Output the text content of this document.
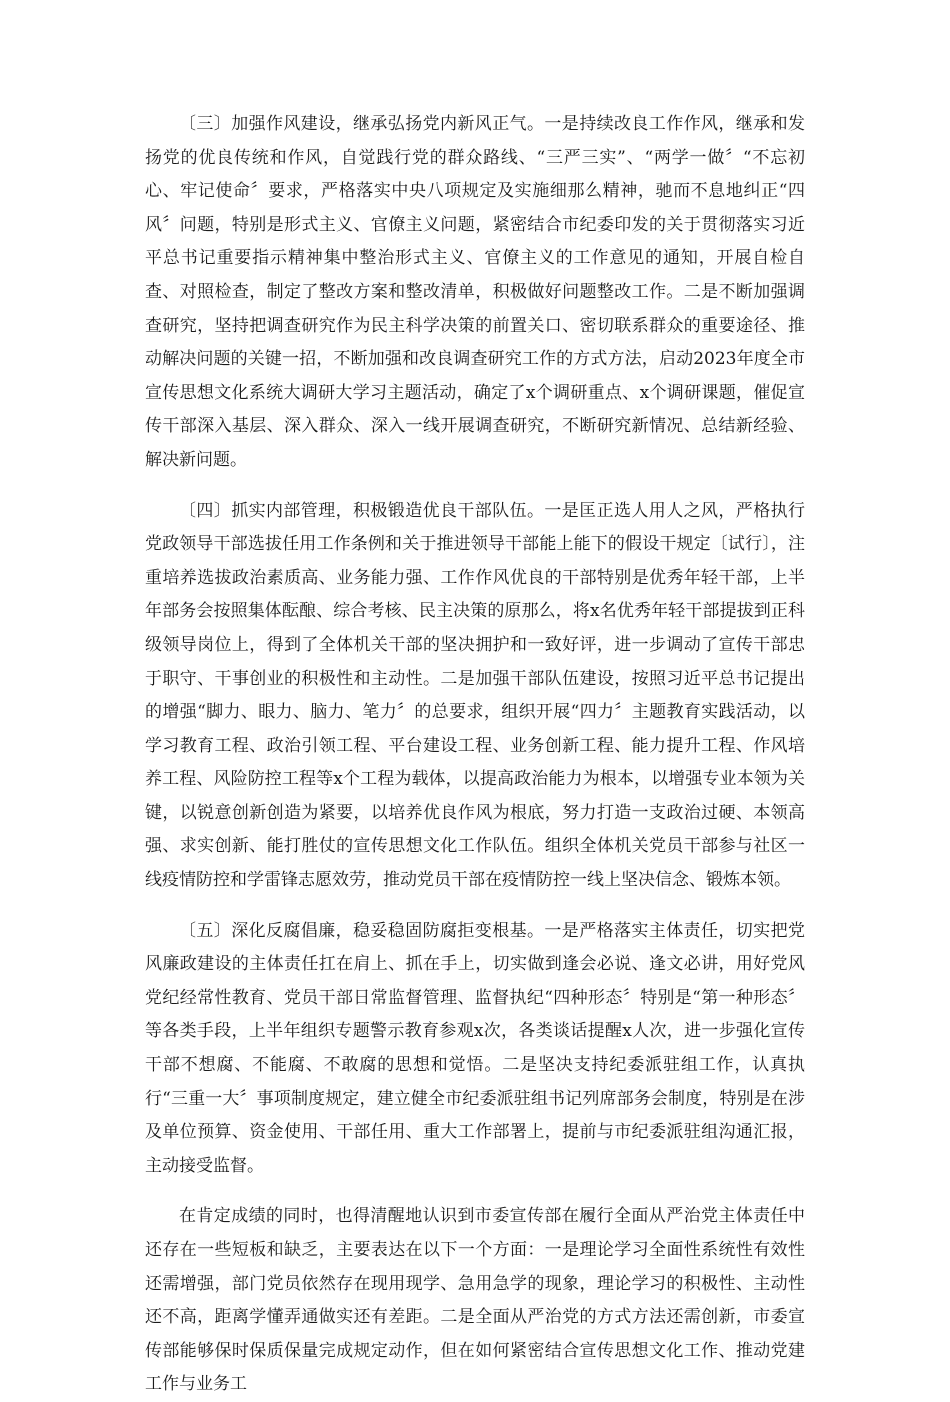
〔三〕加强作风建设，继承弘扬党内新风正气。一是持续改良工作作风，继承和发扬党的优良传统和作风，自觉践行党的群众路线、“三严三实”、“两学一做〞“不忘初心、牢记使命〞要求，严格落实中央八项规定及实施细那么精神，驰而不息地纠正“四风〞问题，特别是形式主义、官僚主义问题，紧密结合市纪委印发的关于贯彻落实习近平总书记重要指示精神集中整治形式主义、官僚主义的工作意见的通知，开展自检自查、对照检查，制定了整改方案和整改清单，积极做好问题整改工作。二是不断加强调查研究，坚持把调查研究作为民主科学决策的前置关口、密切联系群众的重要途径、推动解决问题的关键一招，不断加强和改良调查研究工作的方式方法，启动2023年度全市宣传思想文化系统大调研大学习主题活动，确定了x个调研重点、x个调研课题，催促宣传干部深入基层、深入群众、深入一线开展调查研究，不断研究新情况、总结新经验、解决新问题。

〔四〕抓实内部管理，积极锻造优良干部队伍。一是匡正选人用人之风，严格执行党政领导干部选拔任用工作条例和关于推进领导干部能上能下的假设干规定〔试行〕，注重培养选拔政治素质高、业务能力强、工作作风优良的干部特别是优秀年轻干部，上半年部务会按照集体酝酿、综合考核、民主决策的原那么，将x名优秀年轻干部提拔到正科级领导岗位上，得到了全体机关干部的坚决拥护和一致好评，进一步调动了宣传干部忠于职守、干事创业的积极性和主动性。二是加强干部队伍建设，按照习近平总书记提出的增强“脚力、眼力、脑力、笔力〞的总要求，组织开展“四力〞主题教育实践活动，以学习教育工程、政治引领工程、平台建设工程、业务创新工程、能力提升工程、作风培养工程、风险防控工程等x个工程为载体，以提高政治能力为根本，以增强专业本领为关键，以锐意创新创造为紧要，以培养优良作风为根底，努力打造一支政治过硬、本领高强、求实创新、能打胜仗的宣传思想文化工作队伍。组织全体机关党员干部参与社区一线疫情防控和学雷锋志愿效劳，推动党员干部在疫情防控一线上坚决信念、锻炼本领。

〔五〕深化反腐倡廉，稳妥稳固防腐拒变根基。一是严格落实主体责任，切实把党风廉政建设的主体责任扛在肩上、抓在手上，切实做到逢会必说、逢文必讲，用好党风党纪经常性教育、党员干部日常监督管理、监督执纪“四种形态〞特别是“第一种形态〞等各类手段，上半年组织专题警示教育参观x次，各类谈话提醒x人次，进一步强化宣传干部不想腐、不能腐、不敢腐的思想和觉悟。二是坚决支持纪委派驻组工作，认真执行“三重一大〞事项制度规定，建立健全市纪委派驻组书记列席部务会制度，特别是在涉及单位预算、资金使用、干部任用、重大工作部署上，提前与市纪委派驻组沟通汇报，主动接受监督。

在肯定成绩的同时，也得清醒地认识到市委宣传部在履行全面从严治党主体责任中还存在一些短板和缺乏，主要表达在以下一个方面：一是理论学习全面性系统性有效性还需增强，部门党员依然存在现用现学、急用急学的现象，理论学习的积极性、主动性还不高，距离学懂弄通做实还有差距。二是全面从严治党的方式方法还需创新，市委宣传部能够保时保质保量完成规定动作，但在如何紧密结合宣传思想文化工作、推动党建工作与业务工
